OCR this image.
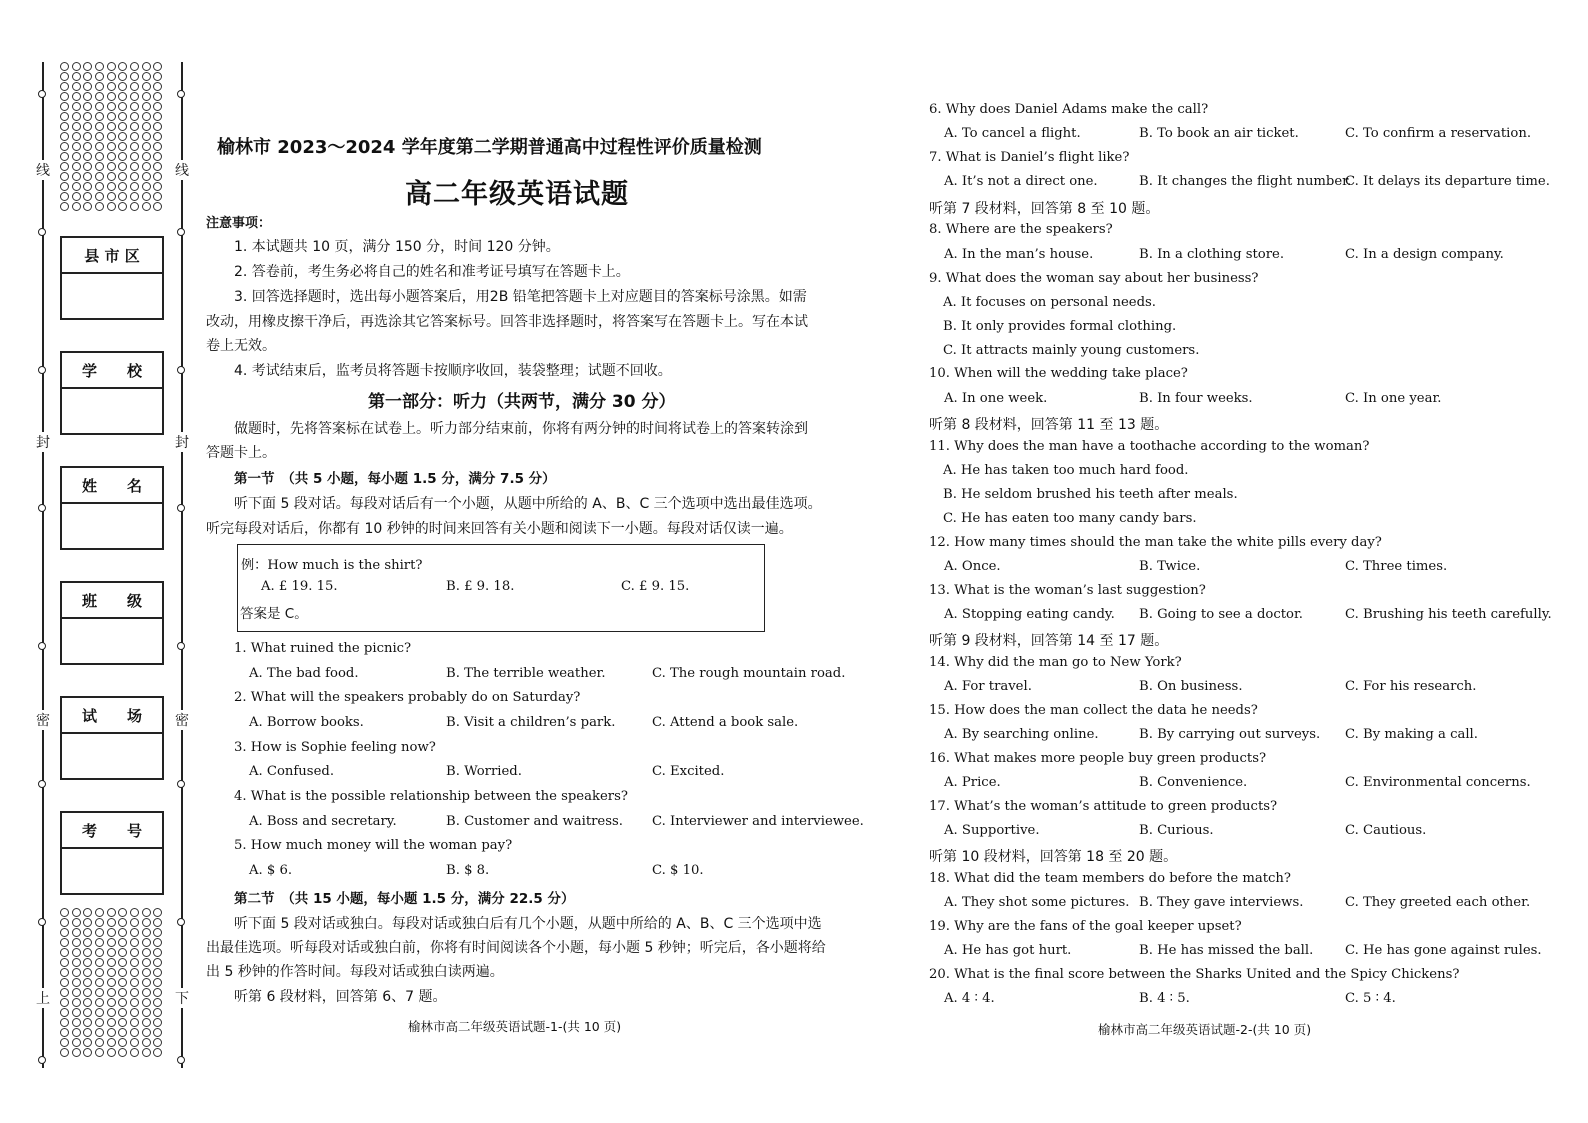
线
封
密
上
线
封
密
下
县 市 区
学　　校
姓　　名
班　　级
试　　场
考　　号
榆林市 2023～2024 学年度第二学期普通高中过程性评价质量检测
高二年级英语试题
注意事项：
1. 本试题共 10 页，满分 150 分，时间 120 分钟。
2. 答卷前，考生务必将自己的姓名和准考证号填写在答题卡上。
3. 回答选择题时，选出每小题答案后，用2B 铅笔把答题卡上对应题目的答案标号涂黑。如需
改动，用橡皮擦干净后，再选涂其它答案标号。回答非选择题时，将答案写在答题卡上。写在本试
卷上无效。
4. 考试结束后，监考员将答题卡按顺序收回，装袋整理；试题不回收。
第一部分：听力（共两节，满分 30 分）
做题时，先将答案标在试卷上。听力部分结束前，你将有两分钟的时间将试卷上的答案转涂到
答题卡上。
第一节　（共 5 小题，每小题 1.5 分，满分 7.5 分）
听下面 5 段对话。每段对话后有一个小题，从题中所给的 A、B、C 三个选项中选出最佳选项。
听完每段对话后，你都有 10 秒钟的时间来回答有关小题和阅读下一小题。每段对话仅读一遍。
例：How much is the shirt?
A. £ 19. 15.	B. £ 9. 18.	C. £ 9. 15.
答案是 C。
1. What ruined the picnic?
A. The bad food.	B. The terrible weather.	C. The rough mountain road.
2. What will the speakers probably do on Saturday?
A. Borrow books.	B. Visit a children’s park.	C. Attend a book sale.
3. How is Sophie feeling now?
A. Confused.	B. Worried.	C. Excited.
4. What is the possible relationship between the speakers?
A. Boss and secretary.	B. Customer and waitress. C. Interviewer and interviewee.
5. How much money will the woman pay?
A. $ 6.	B. $ 8.	C. $ 10.
第二节　（共 15 小题，每小题 1.5 分，满分 22.5 分）
听下面 5 段对话或独白。每段对话或独白后有几个小题，从题中所给的 A、B、C 三个选项中选
出最佳选项。听每段对话或独白前，你将有时间阅读各个小题，每小题 5 秒钟；听完后，各小题将给
出 5 秒钟的作答时间。每段对话或独白读两遍。
听第 6 段材料，回答第 6、7 题。
榆林市高二年级英语试题-1-(共 10 页)
6. Why does Daniel Adams make the call?
A. To cancel a flight.	B. To book an air ticket.	C. To confirm a reservation.
7. What is Daniel’s flight like?
A. It’s not a direct one.	B. It changes the flight number.
C. It delays its departure time.
听第 7 段材料，回答第 8 至 10 题。
8. Where are the speakers?
A. In the man’s house.	B. In a clothing store.	C. In a design company.
9. What does the woman say about her business?
A. It focuses on personal needs.
B. It only provides formal clothing.
C. It attracts mainly young customers.
10. When will the wedding take place?
A. In one week.	B. In four weeks.	C. In one year.
听第 8 段材料，回答第 11 至 13 题。
11. Why does the man have a toothache according to the woman?
A. He has taken too much hard food.
B. He seldom brushed his teeth after meals.
C. He has eaten too many candy bars.
12. How many times should the man take the white pills every day?
A. Once.	B. Twice.	C. Three times.
13. What is the woman’s last suggestion?
A. Stopping eating candy. B. Going to see a doctor.	C. Brushing his teeth carefully.
听第 9 段材料，回答第 14 至 17 题。
14. Why did the man go to New York?
A. For travel.	B. On business.	C. For his research.
15. How does the man collect the data he needs?
A. By searching online.	B. By carrying out surveys. C. By making a call.
16. What makes more people buy green products?
A. Price.	B. Convenience.	C. Environmental concerns.
17. What’s the woman’s attitude to green products?
A. Supportive.	B. Curious.	C. Cautious.
听第 10 段材料，回答第 18 至 20 题。
18. What did the team members do before the match?
A. They shot some pictures. B. They gave interviews.	C. They greeted each other.
19. Why are the fans of the goal keeper upset?
A. He has got hurt.	B. He has missed the ball. C. He has gone against rules.
20. What is the final score between the Sharks United and the Spicy Chickens?
A. 4 ∶ 4.	B. 4 ∶ 5.	C. 5 ∶ 4.
榆林市高二年级英语试题-2-(共 10 页)
